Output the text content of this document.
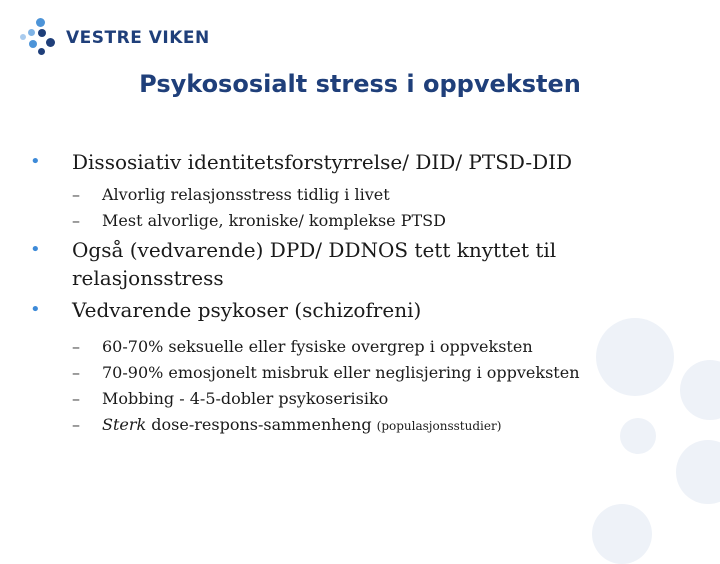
VESTRE VIKEN
Psykososialt stress i oppveksten
•	Dissosiativ identitetsforstyrrelse/ DID/ PTSD-DID
–	Alvorlig relasjonsstress tidlig i livet
–	Mest alvorlige, kroniske/ komplekse PTSD
•	Også (vedvarende) DPD/ DDNOS tett knyttet til
relasjonsstress
•	Vedvarende psykoser (schizofreni)
–	60-70% seksuelle eller fysiske overgrep i oppveksten
–	70-90% emosjonelt misbruk eller neglisjering i oppveksten
–	Mobbing - 4-5-dobler psykoserisiko
–	Sterk dose-respons-sammenheng (populasjonsstudier)
